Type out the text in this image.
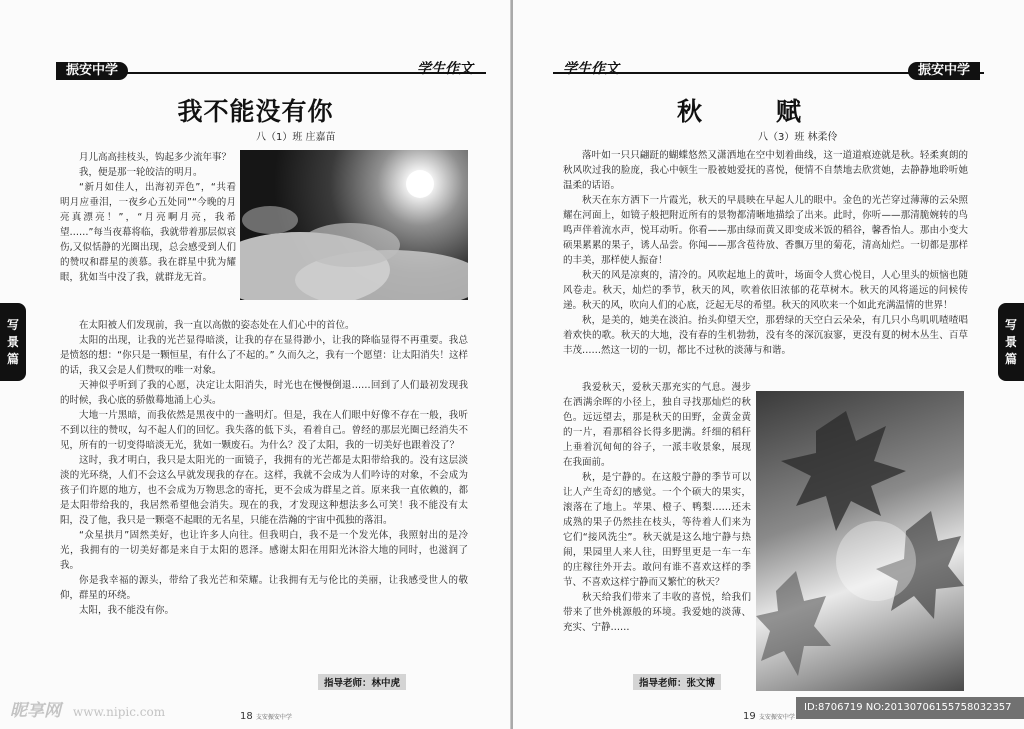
振安中学	学生作文
写
景
篇
我不能没有你
八（1）班 庄嘉苗

月儿高高挂枝头，钩起多少流年事？

我，便是那一轮皎洁的明月。

“新月如佳人，出海初弄色”，“共看明月应垂泪，一夜乡心五处同”“今晚的月亮真漂亮！”，“月亮啊月亮，我希望……”每当夜幕将临，我就带着那层似哀伤,又似恬静的光圈出现，总会感受到人们的赞叹和群星的羡慕。我在群星中犹为耀眼，犹如当中没了我，就群龙无首。

在太阳被人们发现前，我一直以高傲的姿态处在人们心中的首位。

太阳的出现，让我的光芒显得暗淡，让我的存在显得渺小，让我的降临显得不再重要。我总是愤怒的想：“你只是一颗恒星，有什么了不起的。” 久而久之，我有一个愿望：让太阳消失！这样的话，我又会是人们赞叹的唯一对象。

天神似乎听到了我的心愿，决定让太阳消失，时光也在慢慢倒退……回到了人们最初发现我的时候，我心底的骄傲蓦地涌上心头。

大地一片黑暗，而我依然是黑夜中的一盏明灯。但是，我在人们眼中好像不存在一般，我听不到以往的赞叹，勾不起人们的回忆。我失落的低下头，看着自己。曾经的那层光圈已经消失不见，所有的一切变得暗淡无光，犹如一颗废石。为什么？没了太阳，我的一切美好也跟着没了？

这时，我才明白，我只是太阳光的一面镜子，我拥有的光芒都是太阳带给我的。没有这层淡淡的光环绕，人们不会这么早就发现我的存在。这样，我就不会成为人们吟诗的对象，不会成为孩子们许愿的地方，也不会成为万物思念的寄托，更不会成为群星之首。原来我一直依赖的，都是太阳带给我的，我居然希望他会消失。现在的我，才发现这种想法多么可笑！我不能没有太阳，没了他，我只是一颗毫不起眼的无名星，只能在浩瀚的宇宙中孤独的落泪。

“众星拱月”固然美好，也让许多人向往。但我明白，我不是一个发光体，我照射出的是冷光，我拥有的一切美好都是来自于太阳的恩泽。感谢太阳在用阳光沐浴大地的同时，也滋润了我。

你是我幸福的源头，带给了我光芒和荣耀。让我拥有无与伦比的美丽，让我感受世人的敬仰，群星的环绕。

太阳，我不能没有你。

指导老师：林中虎
18 支安振安中学
学生作文	振安中学
写
景
篇
秋　　赋
八（3）班 林柔伶

落叶如一只只翩跹的蝴蝶悠然又潇洒地在空中划着曲线，这一道道痕迹就是秋。轻柔爽朗的秋风吹过我的脸庞，我心中顿生一股被她爱抚的喜悦，便情不自禁地去欣赏她，去静静地聆听她温柔的话语。

秋天在东方洒下一片霞光，秋天的早晨映在早起人儿的眼中。金色的光芒穿过薄薄的云朵照耀在河面上，如镜子般把附近所有的景物都清晰地描绘了出来。此时，你听——那清脆婉转的鸟鸣声伴着流水声，悦耳动听。你看——那由绿而黄又即变成米饭的稻谷，馨香怡人。那由小变大硕果累累的果子，诱人品尝。你闻——那含苞待放、香飘万里的菊花，清高灿烂。一切都是那样的丰美，那样使人振奋！

秋天的风是凉爽的，清冷的。风吹起地上的黄叶，场面令人赏心悦目，人心里头的烦恼也随风卷走。秋天，灿烂的季节，秋天的风，吹着依旧浓郁的花草树木。秋天的风将遥远的问候传递。秋天的风，吹向人们的心底，泛起无尽的希望。秋天的风吹来一个如此充满温情的世界！

秋，是美的，她美在淡泊。抬头仰望天空，那碧绿的天空白云朵朵，有几只小鸟叽叽喳喳唱着欢快的歌。秋天的大地，没有春的生机勃勃，没有冬的深沉寂寥，更没有夏的树木丛生、百草丰茂……然这一切的一切，都比不过秋的淡薄与和谐。

我爱秋天，爱秋天那充实的气息。漫步在洒满余晖的小径上，独自寻找那灿烂的秋色。远远望去，那是秋天的田野，金黄金黄的一片，看那稻谷长得多肥满。纤细的稻秆上垂着沉甸甸的谷子，一派丰收景象，展现在我面前。

秋，是宁静的。在这般宁静的季节可以让人产生奇幻的感觉。一个个硕大的果实，滚落在了地上。苹果、橙子、鸭梨……还未成熟的果子仍然挂在枝头，等待着人们来为它们“接风洗尘”。秋天就是这么地宁静与热闹，果园里人来人往，田野里更是一车一车的庄稼往外开去。敢问有谁不喜欢这样的季节、不喜欢这样宁静而又繁忙的秋天？

秋天给我们带来了丰收的喜悦，给我们带来了世外桃源般的环境。我爱她的淡薄、充实、宁静……

指导老师：张文博
19 支安振安中学
昵享网 www.nipic.com	ID:8706719 NO:20130706155758032357
